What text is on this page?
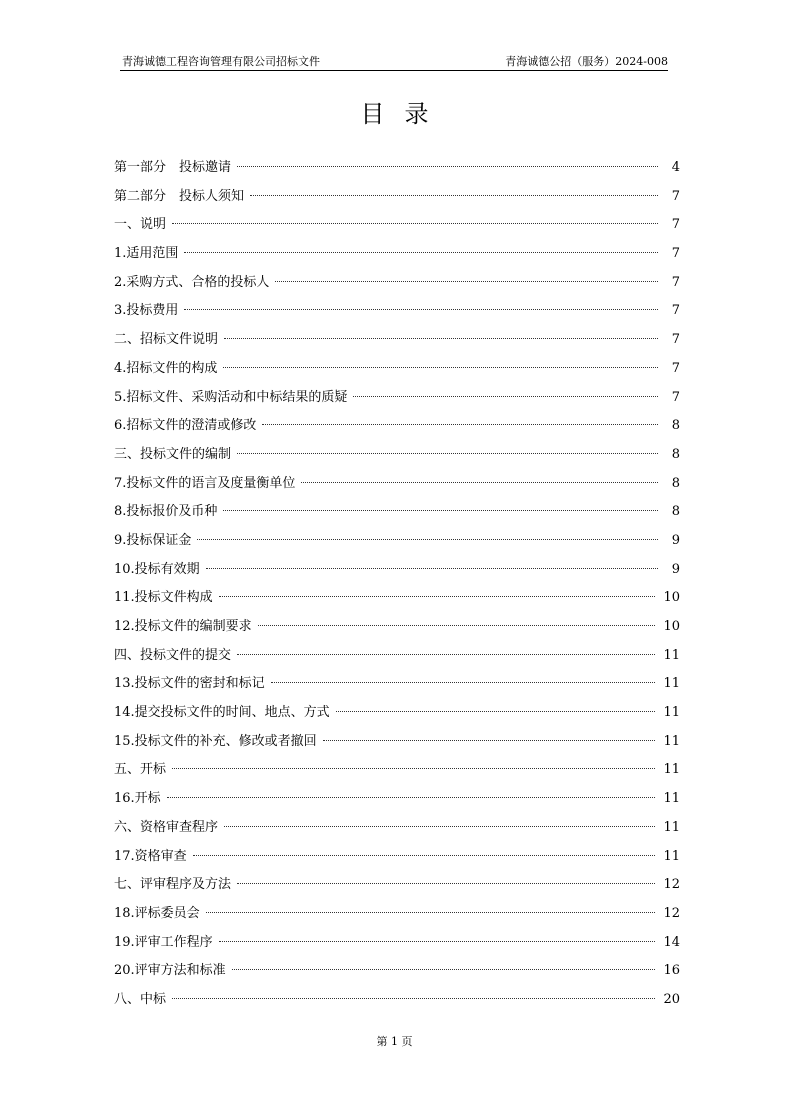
青海诚德工程咨询管理有限公司招标文件	青海诚德公招（服务）2024-008
目录
第一部分　投标邀请	4
第二部分　投标人须知	7
一、说明	7
1.适用范围	7
2.采购方式、合格的投标人	7
3.投标费用	7
二、招标文件说明	7
4.招标文件的构成	7
5.招标文件、采购活动和中标结果的质疑	7
6.招标文件的澄清或修改	8
三、投标文件的编制	8
7.投标文件的语言及度量衡单位	8
8.投标报价及币种	8
9.投标保证金	9
10.投标有效期	9
11.投标文件构成	10
12.投标文件的编制要求	10
四、投标文件的提交	11
13.投标文件的密封和标记	11
14.提交投标文件的时间、地点、方式	11
15.投标文件的补充、修改或者撤回	11
五、开标	11
16.开标	11
六、资格审查程序	11
17.资格审查	11
七、评审程序及方法	12
18.评标委员会	12
19.评审工作程序	14
20.评审方法和标准	16
八、中标	20
第 1 页
